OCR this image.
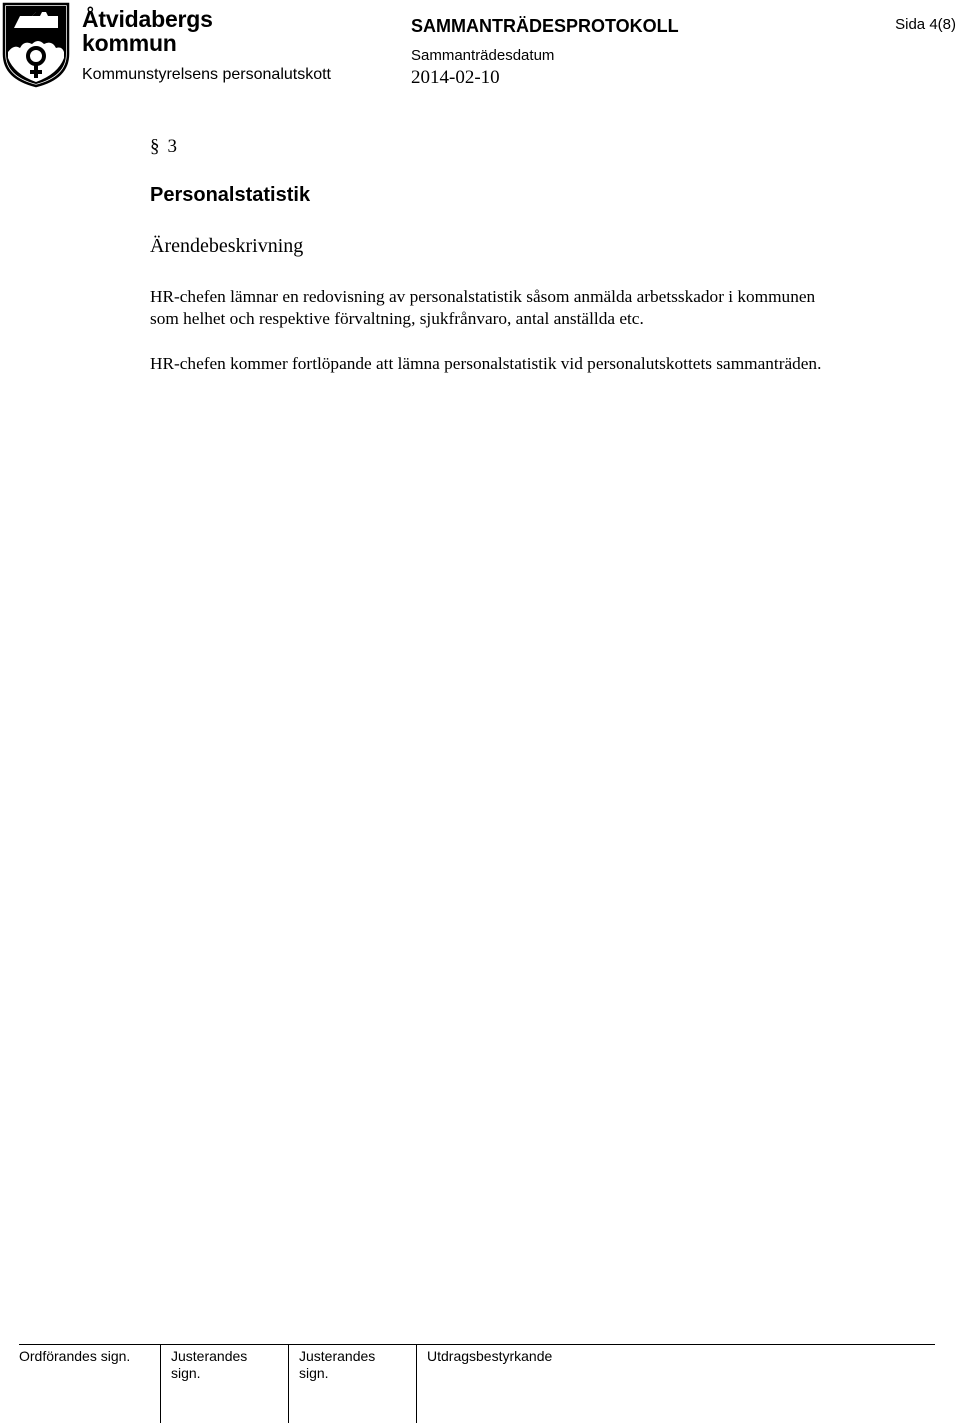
Åtvidabergs
kommun
Kommunstyrelsens personalutskott
SAMMANTRÄDESPROTOKOLL
Sammanträdesdatum
2014-02-10
Sida 4(8)
§ 3
Personalstatistik
Ärendebeskrivning

HR-chefen lämnar en redovisning av personalstatistik såsom anmälda arbetsskador i kommunen som helhet och respektive förvaltning, sjukfrånvaro, antal anställda etc.

HR-chefen kommer fortlöpande att lämna personalstatistik vid personalutskottets sammanträden.

Ordförandes sign.	Justerandes
sign.
Justerandes
sign.
Utdragsbestyrkande
